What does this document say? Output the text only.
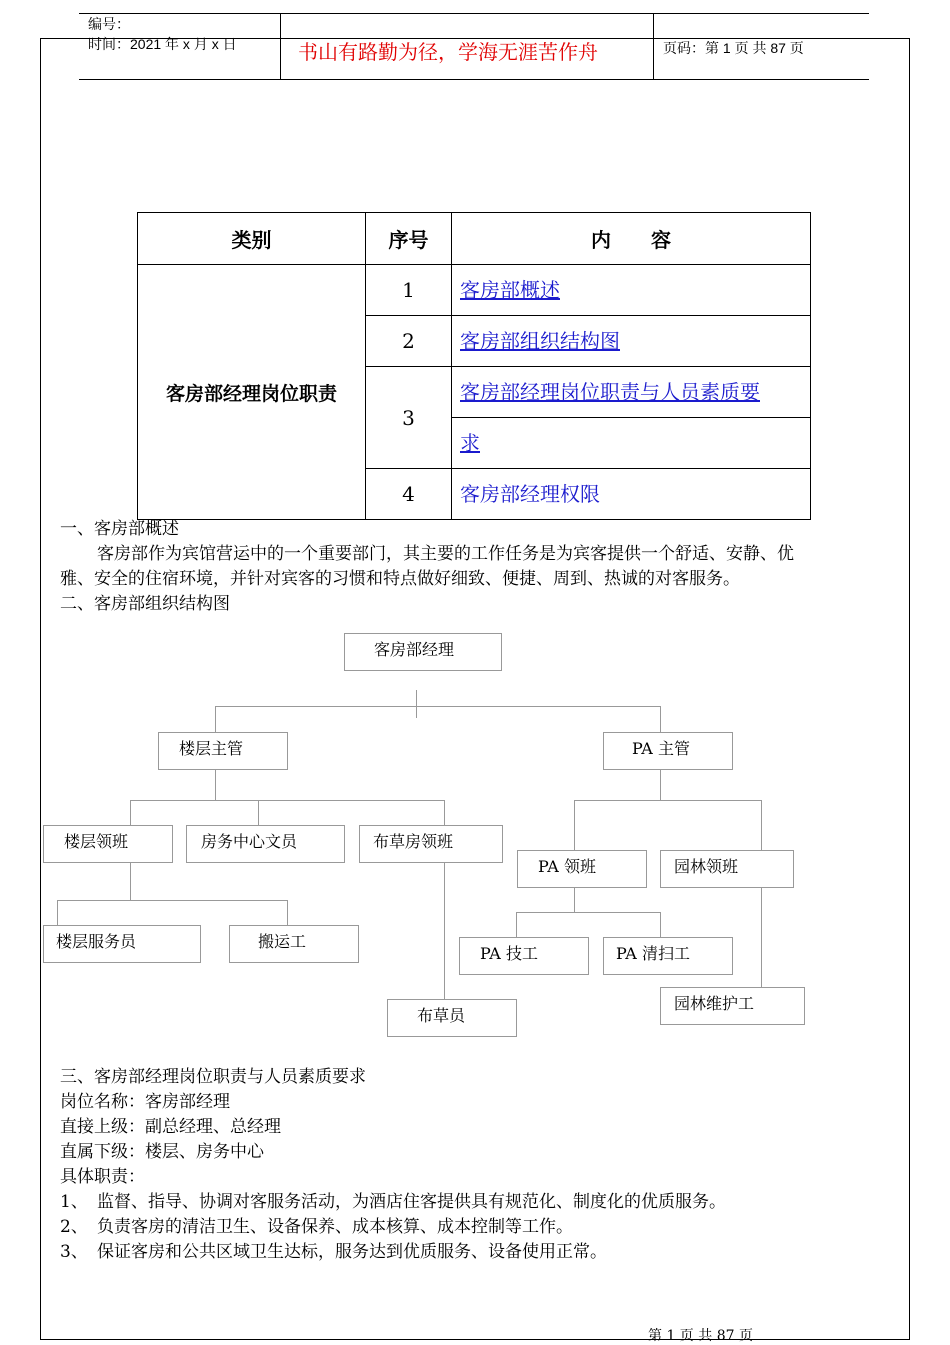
编号：
时间：2021 年 x 月 x 日	书山有路勤为径，学海无涯苦作舟	页码：第 1 页 共 87 页
类别	序号	内　　容
客房部经理岗位职责	1	客房部概述
	2	客房部组织结构图
	3	客房部经理岗位职责与人员素质要
		求
	4	客房部经理权限
一、客房部概述
客房部作为宾馆营运中的一个重要部门，其主要的工作任务是为宾客提供一个舒适、安静、优
雅、安全的住宿环境，并针对宾客的习惯和特点做好细致、便捷、周到、热诚的对客服务。
二、客房部组织结构图
客房部经理
楼层主管	PA 主管
楼层领班	房务中心文员	布草房领班
PA 领班	园林领班
楼层服务员	搬运工
PA 技工	PA 清扫工
园林维护工
布草员
三、客房部经理岗位职责与人员素质要求
岗位名称：客房部经理
直接上级：副总经理、总经理
直属下级：楼层、房务中心
具体职责：
1、 监督、指导、协调对客服务活动，为酒店住客提供具有规范化、制度化的优质服务。
2、 负责客房的清洁卫生、设备保养、成本核算、成本控制等工作。
3、 保证客房和公共区域卫生达标，服务达到优质服务、设备使用正常。
第 1 页 共 87 页
